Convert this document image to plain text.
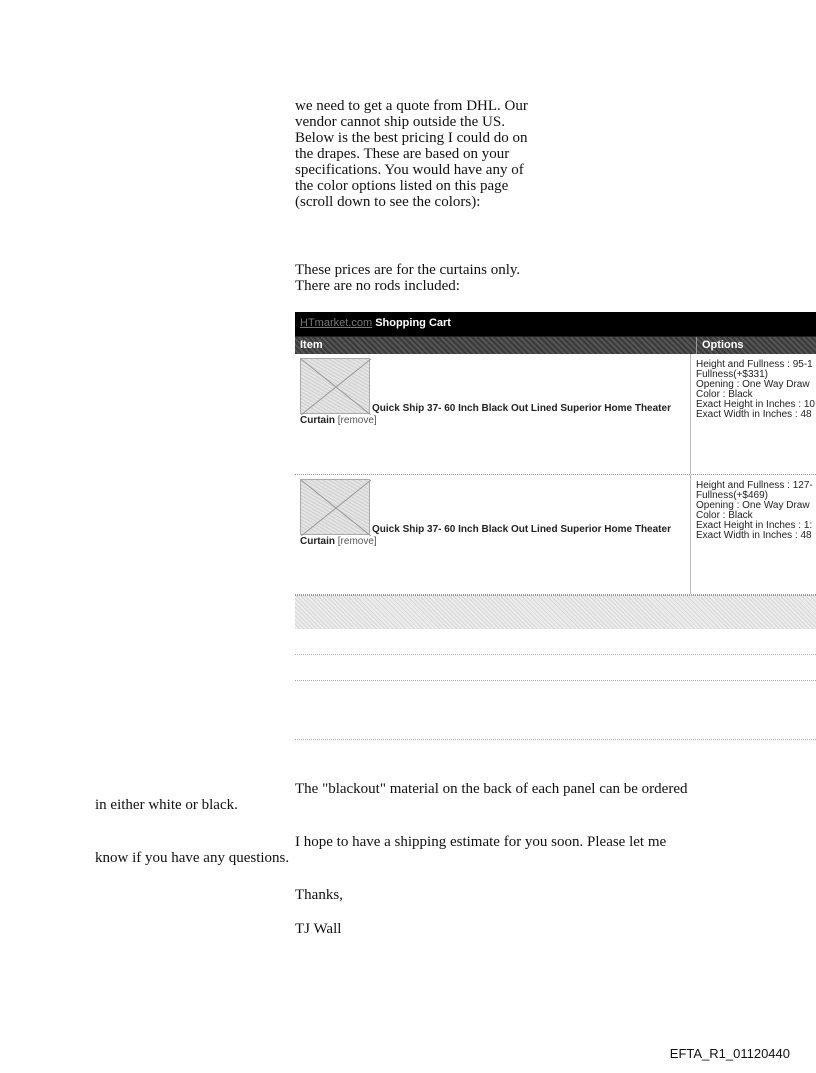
we need to get a quote from DHL. Our

vendor cannot ship outside the US.

Below is the best pricing I could do on

the drapes. These are based on your

specifications. You would have any of

the color options listed on this page

(scroll down to see the colors):

These prices are for the curtains only.

There are no rods included:

HTmarket.com Shopping Cart
Item	Options
Quick Ship 37- 60 Inch Black Out Lined Superior Home Theater
Curtain [remove]
Height and Fullness : 95-1
Fullness(+$331)
Opening : One Way Draw
Color : Black
Exact Height in Inches : 10
Exact Width in Inches : 48
Quick Ship 37- 60 Inch Black Out Lined Superior Home Theater
Curtain [remove]
Height and Fullness : 127-
Fullness(+$469)
Opening : One Way Draw
Color : Black
Exact Height in Inches : 1:
Exact Width in Inches : 48
The "blackout" material on the back of each panel can be ordered
in either white or black.
I hope to have a shipping estimate for you soon. Please let me
know if you have any questions.
Thanks,
TJ Wall
EFTA_R1_01120440
